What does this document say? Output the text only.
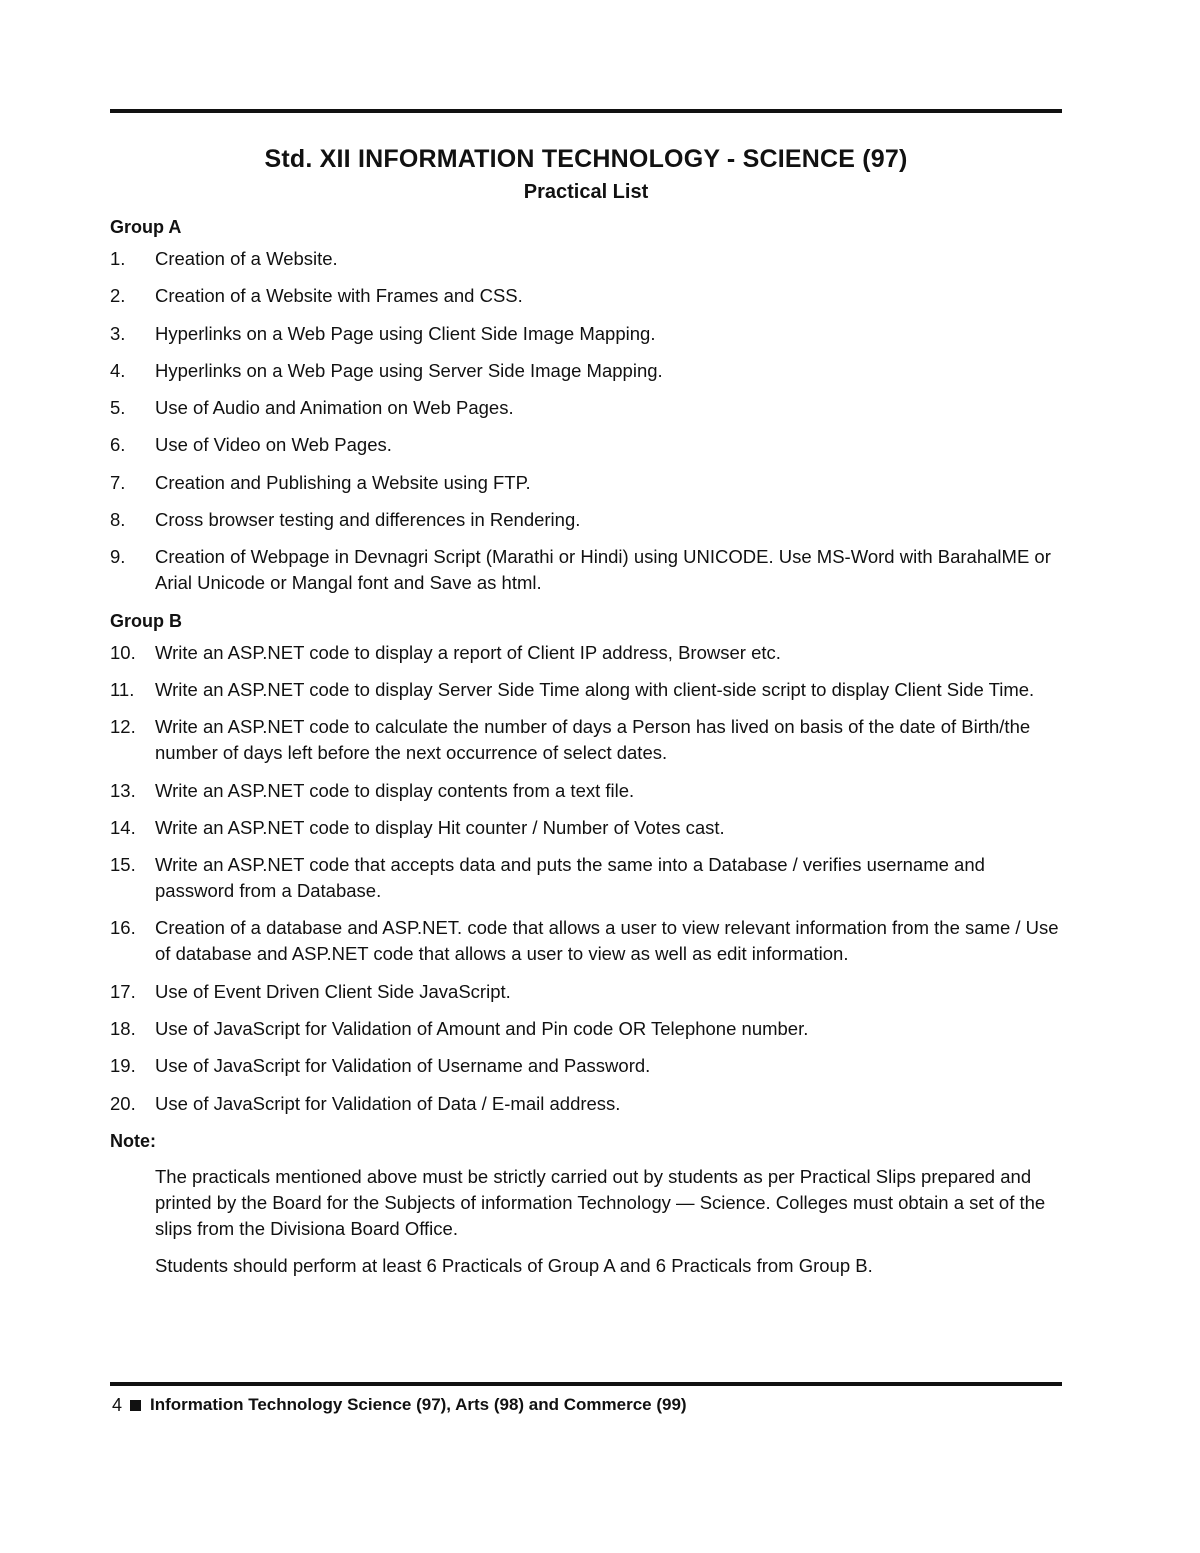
Std. XII INFORMATION TECHNOLOGY - SCIENCE (97)
Practical List
Group A
1.	Creation of a Website.
2.	Creation of a Website with Frames and CSS.
3.	Hyperlinks on a Web Page using Client Side Image Mapping.
4.	Hyperlinks on a Web Page using Server Side Image Mapping.
5.	Use of Audio and Animation on Web Pages.
6.	Use of Video on Web Pages.
7.	Creation and Publishing a Website using FTP.
8.	Cross browser testing and differences in Rendering.
9.	Creation of Webpage in Devnagri Script (Marathi or Hindi) using UNICODE. Use MS-Word with BarahalME or Arial Unicode or Mangal font and Save as html.
Group B
10.	Write an ASP.NET code to display a report of Client IP address, Browser etc.
11.	Write an ASP.NET code to display Server Side Time along with client-side script to display Client Side Time.
12.	Write an ASP.NET code to calculate the number of days a Person has lived on basis of the date of Birth/the number of days left before the next occurrence of select dates.
13.	Write an ASP.NET code to display contents from a text file.
14.	Write an ASP.NET code to display Hit counter / Number of Votes cast.
15.	Write an ASP.NET code that accepts data and puts the same into a Database / verifies username and password from a Database.
16.	Creation of a database and ASP.NET. code that allows a user to view relevant information from the same / Use of database and ASP.NET code that allows a user to view as well as edit information.
17.	Use of Event Driven Client Side JavaScript.
18.	Use of JavaScript for Validation of Amount and Pin code OR Telephone number.
19.	Use of JavaScript for Validation of Username and Password.
20.	Use of JavaScript for Validation of Data / E-mail address.
Note:

The practicals mentioned above must be strictly carried out by students as per Practical Slips prepared and printed by the Board for the Subjects of information Technology — Science. Colleges must obtain a set of the slips from the Divisiona Board Office.

Students should perform at least 6 Practicals of Group A and 6 Practicals from Group B.

4 Information Technology Science (97), Arts (98) and Commerce (99)
